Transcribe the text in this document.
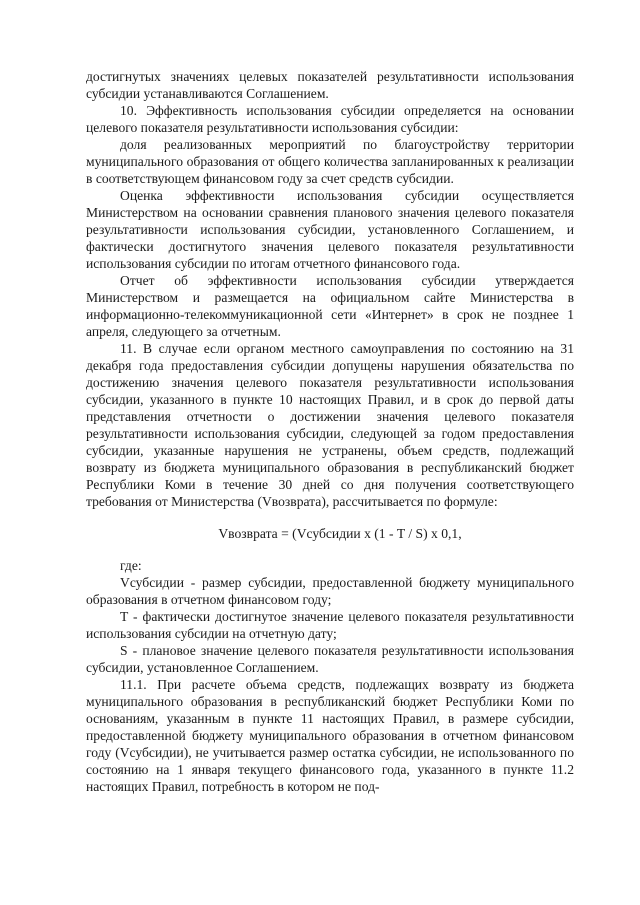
достигнутых значениях целевых показателей результативности использования субсидии устанавливаются Соглашением.

10. Эффективность использования субсидии определяется на основании целевого показателя результативности использования субсидии:

доля реализованных мероприятий по благоустройству территории муниципального образования от общего количества запланированных к реализации в соответствующем финансовом году за счет средств субсидии.

Оценка эффективности использования субсидии осуществляется Министерством на основании сравнения планового значения целевого показателя результативности использования субсидии, установленного Соглашением, и фактически достигнутого значения целевого показателя результативности использования субсидии по итогам отчетного финансового года.

Отчет об эффективности использования субсидии утверждается Министерством и размещается на официальном сайте Министерства в информационно-телекоммуникационной сети «Интернет» в срок не позднее 1 апреля, следующего за отчетным.

11. В случае если органом местного самоуправления по состоянию на 31 декабря года предоставления субсидии допущены нарушения обязательства по достижению значения целевого показателя результативности использования субсидии, указанного в пункте 10 настоящих Правил, и в срок до первой даты представления отчетности о достижении значения целевого показателя результативности использования субсидии, следующей за годом предоставления субсидии, указанные нарушения не устранены, объем средств, подлежащий возврату из бюджета муниципального образования в республиканский бюджет Республики Коми в течение 30 дней со дня получения соответствующего требования от Министерства (Vвозврата), рассчитывается по формуле:

Vвозврата = (Vсубсидии х (1 - T / S) х 0,1,

где:

Vсубсидии - размер субсидии, предоставленной бюджету муниципального образования в отчетном финансовом году;

T - фактически достигнутое значение целевого показателя результативности использования субсидии на отчетную дату;

S - плановое значение целевого показателя результативности использования субсидии, установленное Соглашением.

11.1. При расчете объема средств, подлежащих возврату из бюджета муниципального образования в республиканский бюджет Республики Коми по основаниям, указанным в пункте 11 настоящих Правил, в размере субсидии, предоставленной бюджету муниципального образования в отчетном финансовом году (Vсубсидии), не учитывается размер остатка субсидии, не использованного по состоянию на 1 января текущего финансового года, указанного в пункте 11.2 настоящих Правил, потребность в котором не под-
